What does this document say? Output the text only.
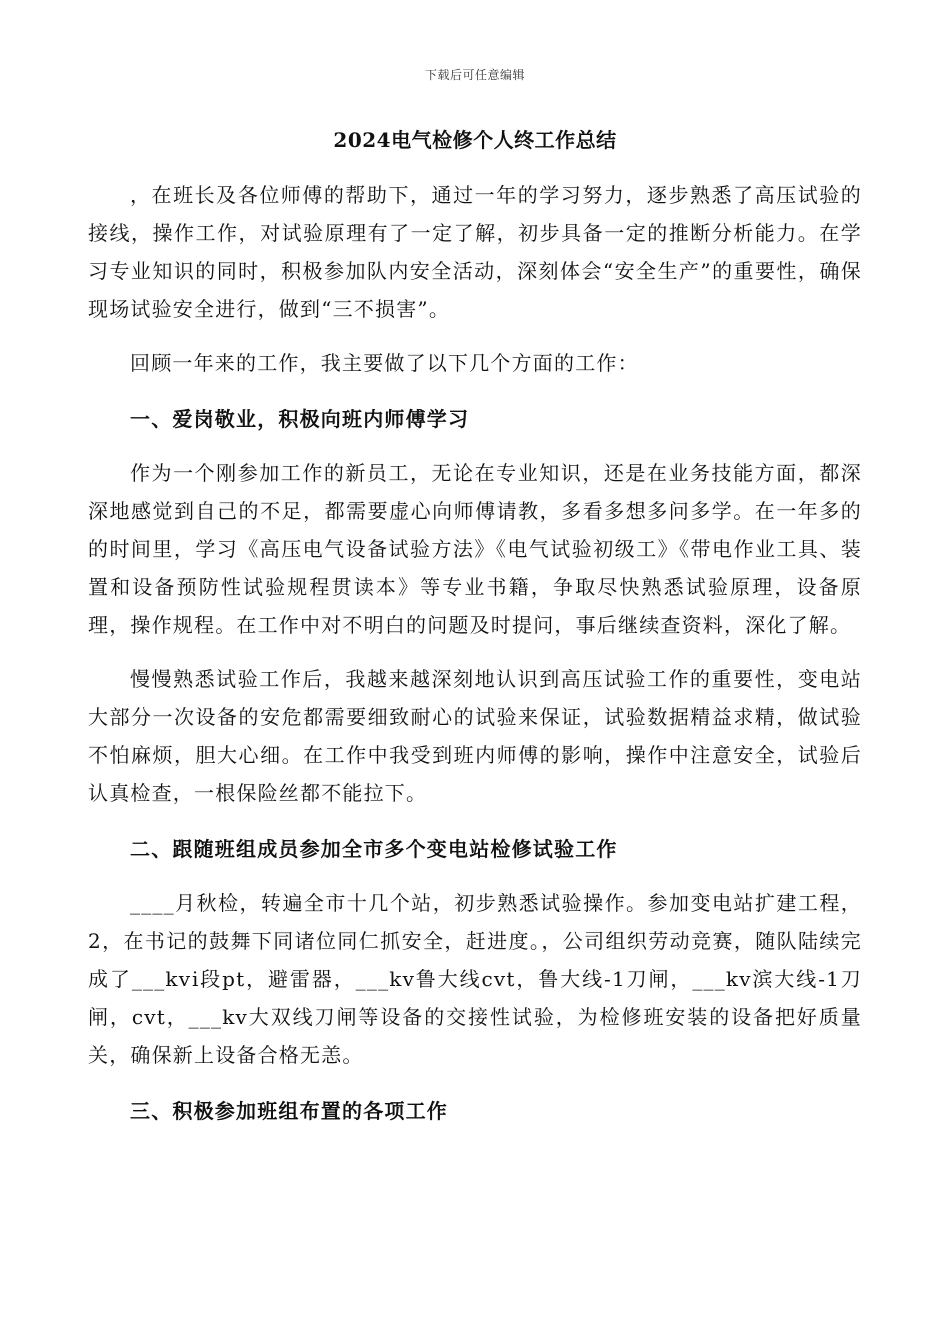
下载后可任意编辑
2024电气检修个人终工作总结

，在班长及各位师傅的帮助下，通过一年的学习努力，逐步熟悉了高压试验的接线，操作工作，对试验原理有了一定了解，初步具备一定的推断分析能力。在学习专业知识的同时，积极参加队内安全活动，深刻体会“安全生产”的重要性，确保现场试验安全进行，做到“三不损害”。

回顾一年来的工作，我主要做了以下几个方面的工作：

一、爱岗敬业，积极向班内师傅学习

作为一个刚参加工作的新员工，无论在专业知识，还是在业务技能方面，都深深地感觉到自己的不足，都需要虚心向师傅请教，多看多想多问多学。在一年多的的时间里，学习《高压电气设备试验方法》《电气试验初级工》《带电作业工具、装置和设备预防性试验规程贯读本》等专业书籍，争取尽快熟悉试验原理，设备原理，操作规程。在工作中对不明白的问题及时提问，事后继续查资料，深化了解。

慢慢熟悉试验工作后，我越来越深刻地认识到高压试验工作的重要性，变电站大部分一次设备的安危都需要细致耐心的试验来保证，试验数据精益求精，做试验不怕麻烦，胆大心细。在工作中我受到班内师傅的影响，操作中注意安全，试验后认真检查，一根保险丝都不能拉下。

二、跟随班组成员参加全市多个变电站检修试验工作

____月秋检，转遍全市十几个站，初步熟悉试验操作。参加变电站扩建工程，2，在书记的鼓舞下同诸位同仁抓安全，赶进度。，公司组织劳动竞赛，随队陆续完成了___kvⅰ段pt，避雷器，___kv鲁大线cvt，鲁大线-1刀闸，___kv滨大线-1刀闸，cvt，___kv大双线刀闸等设备的交接性试验，为检修班安装的设备把好质量关，确保新上设备合格无恙。

三、积极参加班组布置的各项工作
